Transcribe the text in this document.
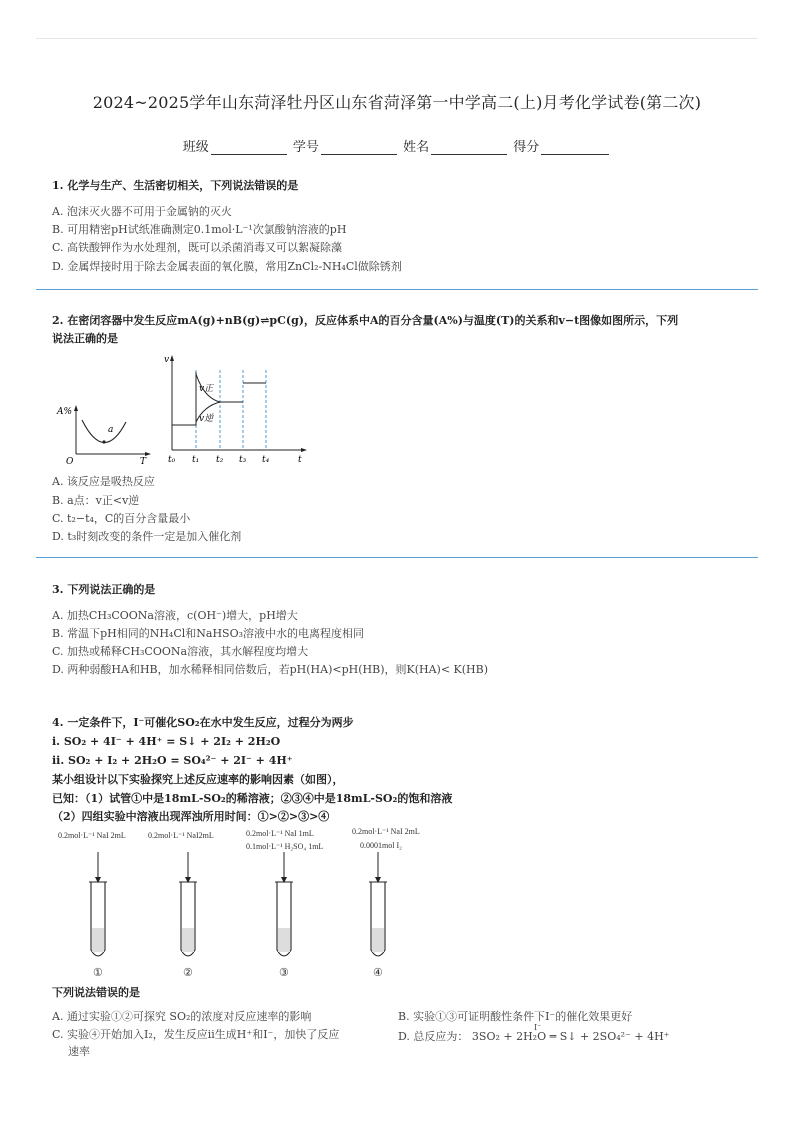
2024~2025学年山东菏泽牡丹区山东省菏泽第一中学高二(上)月考化学试卷(第二次)
班级	学号	姓名	得分
1. 化学与生产、生活密切相关，下列说法错误的是
A. 泡沫灭火器不可用于金属钠的灭火
B. 可用精密pH试纸准确测定0.1mol·L⁻¹次氯酸钠溶液的pH
C. 高铁酸钾作为水处理剂，既可以杀菌消毒又可以絮凝除藻
D. 金属焊接时用于除去金属表面的氧化膜，常用ZnCl₂-NH₄Cl做除锈剂
2. 在密闭容器中发生反应mA(g)+nB(g)⇌pC(g)，反应体系中A的百分含量(A%)与温度(T)的关系和v−t图像如图所示，下列
说法正确的是
A%
T
O
a
v
t
v正
v逆
t₀ t₁ t₂ t₃ t₄
A. 该反应是吸热反应
B. a点：v正<v逆
C. t₂−t₄，C的百分含量最小
D. t₃时刻改变的条件一定是加入催化剂
3. 下列说法正确的是
A. 加热CH₃COONa溶液，c(OH⁻)增大，pH增大
B. 常温下pH相同的NH₄Cl和NaHSO₃溶液中水的电离程度相同
C. 加热或稀释CH₃COONa溶液，其水解程度均增大
D. 两种弱酸HA和HB，加水稀释相同倍数后，若pH(HA)<pH(HB)，则K(HA)< K(HB)
4. 一定条件下，I⁻可催化SO₂在水中发生反应，过程分为两步
i. SO₂ + 4I⁻ + 4H⁺ = S↓ + 2I₂ + 2H₂O
ii. SO₂ + I₂ + 2H₂O = SO₄²⁻ + 2I⁻ + 4H⁺
某小组设计以下实验探究上述反应速率的影响因素（如图），
已知：（1）试管①中是18mL-SO₂的稀溶液；②③④中是18mL-SO₂的饱和溶液
（2）四组实验中溶液出现浑浊所用时间：①>②>③>④
0.2mol·L⁻¹ NaI 2mL	0.2mol·L⁻¹ NaI2mL	0.2mol·L⁻¹ NaI 1mL
0.1mol·L⁻¹ H₂SO₄ 1mL
0.2mol·L⁻¹ NaI 2mL
0.0001mol I₂
①	②	③	④
下列说法错误的是
A. 通过实验①②可探究 SO₂的浓度对反应速率的影响	B. 实验①③可证明酸性条件下I⁻的催化效果更好
C. 实验④开始加入I₂，发生反应ii生成H⁺和I⁻，加快了反应
速率
D. 总反应为： 3SO₂ + 2H₂O ═ S↓ + 2SO₄²⁻ + 4H⁺
I⁻
